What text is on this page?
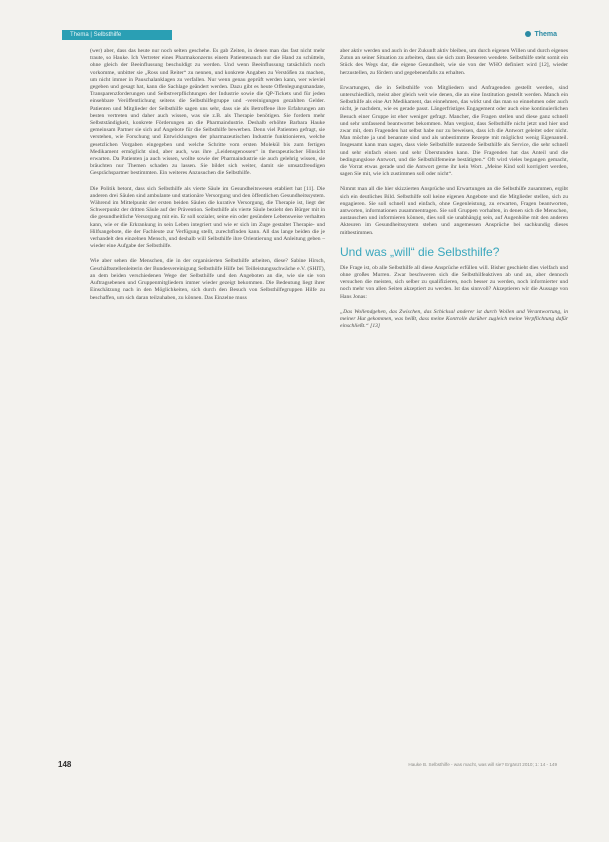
Thema | Selbsthilfe	Thema

(wer) aber, dass das heute nur noch selten geschehe. Es gab Zeiten, in denen man das fast nicht mehr traute, so Hauke. Ich Vertreter eines Pharmakonzerns einem Patientenauch nur die Hand zu schütteln, ohne gleich der Beeinflussung beschuldigt zu werden. Und wenn Beeinflussung tatsächlich noch vorkomme, unbitter sie „Ross und Reiter“ zu nennen, und konkrete Angaben zu Verstößen zu machen, um nicht immer in Pauschalanklagen zu verfallen. Nur wenn genau geprüft werden kann, wer wieviel gegeben und gesagt hat, kann die Sachlage geändert werden. Dazu gibt es heute Offenlegungsmandate, Transparenzforderungen und Selbstverpflichtungen der Industrie sowie die QP-Tickets und für jeden einsehbare Veröffentlichung seitens die Selbsthilfegruppe und -vereinigungen gezahlten Gelder. Patienten und Mitglieder der Selbsthilfe sagen uns sehr, dass sie als Betroffene ihre Erfahrungen am besten vertreten und daher auch wissen, was sie z.B. als Therapie benötigen. Sie fordern mehr Selbstständigkeit, konkrete Förderungen an die Pharmaindustrie. Deshalb erhöhte Barbara Hauke gemeinsam Partner sie sich auf Angebote für die Selbsthilfe bewerben. Denn viel Patienten gefragt, sie verstehen, wie Forschung und Entwicklungen der pharmazeutischen Industrie funktionieren, welche gesetzlichen Vorgaben eingegeben und welche Schritte vom ersten Molekül bis zum fertigen Medikament ermöglicht sind, aber auch, was ihre „Leidensgenossen“ in therapeutischer Hinsicht erwarten. Da Patienten ja auch wissen, wollte sowie der Pharmaindustrie sie auch gelehrig wissen, sie bräuchten nur Themen schaden zu lassen. Sie bildet sich weiter, damit sie umsatzfreudigen Gesprächspartner bestimmten. Ein weiteres Anzusuchen die Selbsthilfe.

Die Politik betont, dass sich Selbsthilfe als vierte Säule im Gesundheitswesen etabliert hat [11]. Die anderen drei Säulen sind ambulante und stationäre Versorgung und den öffentlichen Gesundheitssystem. Während im Mittelpunkt der ersten beiden Säulen die kurative Versorgung, die Therapie ist, liegt der Schwerpunkt der dritten Säule auf der Prävention. Selbsthilfe als vierte Säule bezieht den Bürger mit in die gesundheitliche Versorgung mit ein. Er soll sozialer, seine ein oder gesündere Lebensweise verhalten kann, wie er die Erkrankung in sein Leben integriert und wie er sich im Zuge gestaltet Therapie- und Hilfsangebote, die der Fachleute zur Verfügung stellt, zurechtfinden kann. All das lange beiden die je verhandelt den einzelnen Mensch, und deshalb will Selbsthilfe ihre Orientierung und Anleitung geben – wieder eine Aufgabe der Selbsthilfe.

Wie aber sehen die Menschen, die in der organisierten Selbsthilfe arbeiten, diese? Sabine Hirsch, Geschäftsstellenleiterin der Bundesvereinigung Selbsthilfe Hilfe bei Teilleistungsschwäche e.V. (SHIT), an dem beiden verschiedenen Wege der Selbsthilfe und den Angeboten an die, wie sie sie von Auftragsebenen und Gruppenmitgliedern immer wieder gezeigt bekommen. Die Bedeutung liegt ihrer Einschätzung nach in den Möglichkeiten, sich durch den Besuch von Selbsthilfegruppen Hilfe zu beschaffen, um sich daran teilzuhaben, zu können. Das Einzelne muss

aber aktiv werden und auch in der Zukunft aktiv bleiben, um durch eigenen Willen und durch eigenes Zutun an seiner Situation zu arbeiten, dass sie sich zum Besseren wendete. Selbsthilfe steht somit ein Stück des Wegs dar, die eigene Gesundheit, wie sie von der WHO definiert wird [12], wieder herzustellen, zu fördern und gegebenenfalls zu erhalten.

Erwartungen, die in Selbsthilfe von Mitgliedern und Anfragenden gestellt werden, sind unterschiedlich, meist aber gleich weit wie denen, die an eine Institution gestellt werden. Manch ein Selbsthilfe als eine Art Medikament, das einnehmen, das wirkt und das man so einnehmen oder auch nicht, je nachdem, wie es gerade passt. Längerfristiges Engagement oder auch eine kontinuierlichen Besuch einer Gruppe ist eher weniger gefragt. Mancher, die Fragen stellen und diese ganz schnell und sehr umfassend beantwortet bekommen. Man vergisst, dass Selbsthilfe nicht jetzt und hier und zwar mit, dem Fragenden hat selbst habe nur zu beweisen, dass ich die Antwort geleitet oder nicht. Man möchte ja und benannte sind und als unbestimmte Rezepte mit möglichst wenig Eigenanteil. Insgesamt kann man sagen, dass viele Selbsthilfe nutzende Selbsthilfe als Service, die sehr schnell und sehr einfach einen und sehr Überstunden kann. Die Fragenden hat das Anteil und die bedingungslose Antwort, und die Selbsthilfemeine bestätigten.“ Oft wird vieles begangen gemacht, die Vorrat etwas gerade und die Antwort gerne ihr kein Wort. „Meine Kind soll korrigiert werden, sagen Sie mit, wie ich zustimmen soll oder nicht“.

Nimmt man all die hier skizzierten Ansprüche und Erwartungen an die Selbsthilfe zusammen, ergibt sich ein deutliches Bild. Selbsthilfe soll keine eigenen Angebote und die Mitglieder stellen, sich zu engagieren. Sie soll schnell und einfach, ohne Gegenleistung, zu erwarten, Fragen beantworten, antworten, informationen zusammentragen. Sie soll Gruppen vorhalten, in denen sich die Menschen, austauschen und informieren können, dies soll sie unabhängig sein, auf Augenhöhe mit den anderen Akteuren im Gesundheitssystem stehen und angemessen Ansprüche bei sachkundig dieses mitbestimmen.

Und was „will“ die Selbsthilfe?

Die Frage ist, ob alle Selbsthilfe all diese Ansprüche erfüllen will. Bisher geschieht dies vielfach und ohne großes Murren. Zwar beschweren sich die Selbsthilfeaktiven ab und an, aber dennoch versuchen die meisten, sich selber zu qualifizieren, noch besser zu werden, noch informierter und noch mehr von allen Seiten akzeptiert zu werden. Ist das sinnvoll? Akzeptieren wir die Aussage von Hans Jonas:

„Das Wollendgehen, das Zwischen, das Schicksal anderer ist durch Wollen und Verantwortung, in meiner Hut gekommen, was heißt, dass meine Kontrolle darüber zugleich meine Verpflichtung dafür einschließt.“ [13]

148	Hauke B. Selbsthilfe - was macht, was will sie? Ergänzt 2010; 1: 14 - 149
